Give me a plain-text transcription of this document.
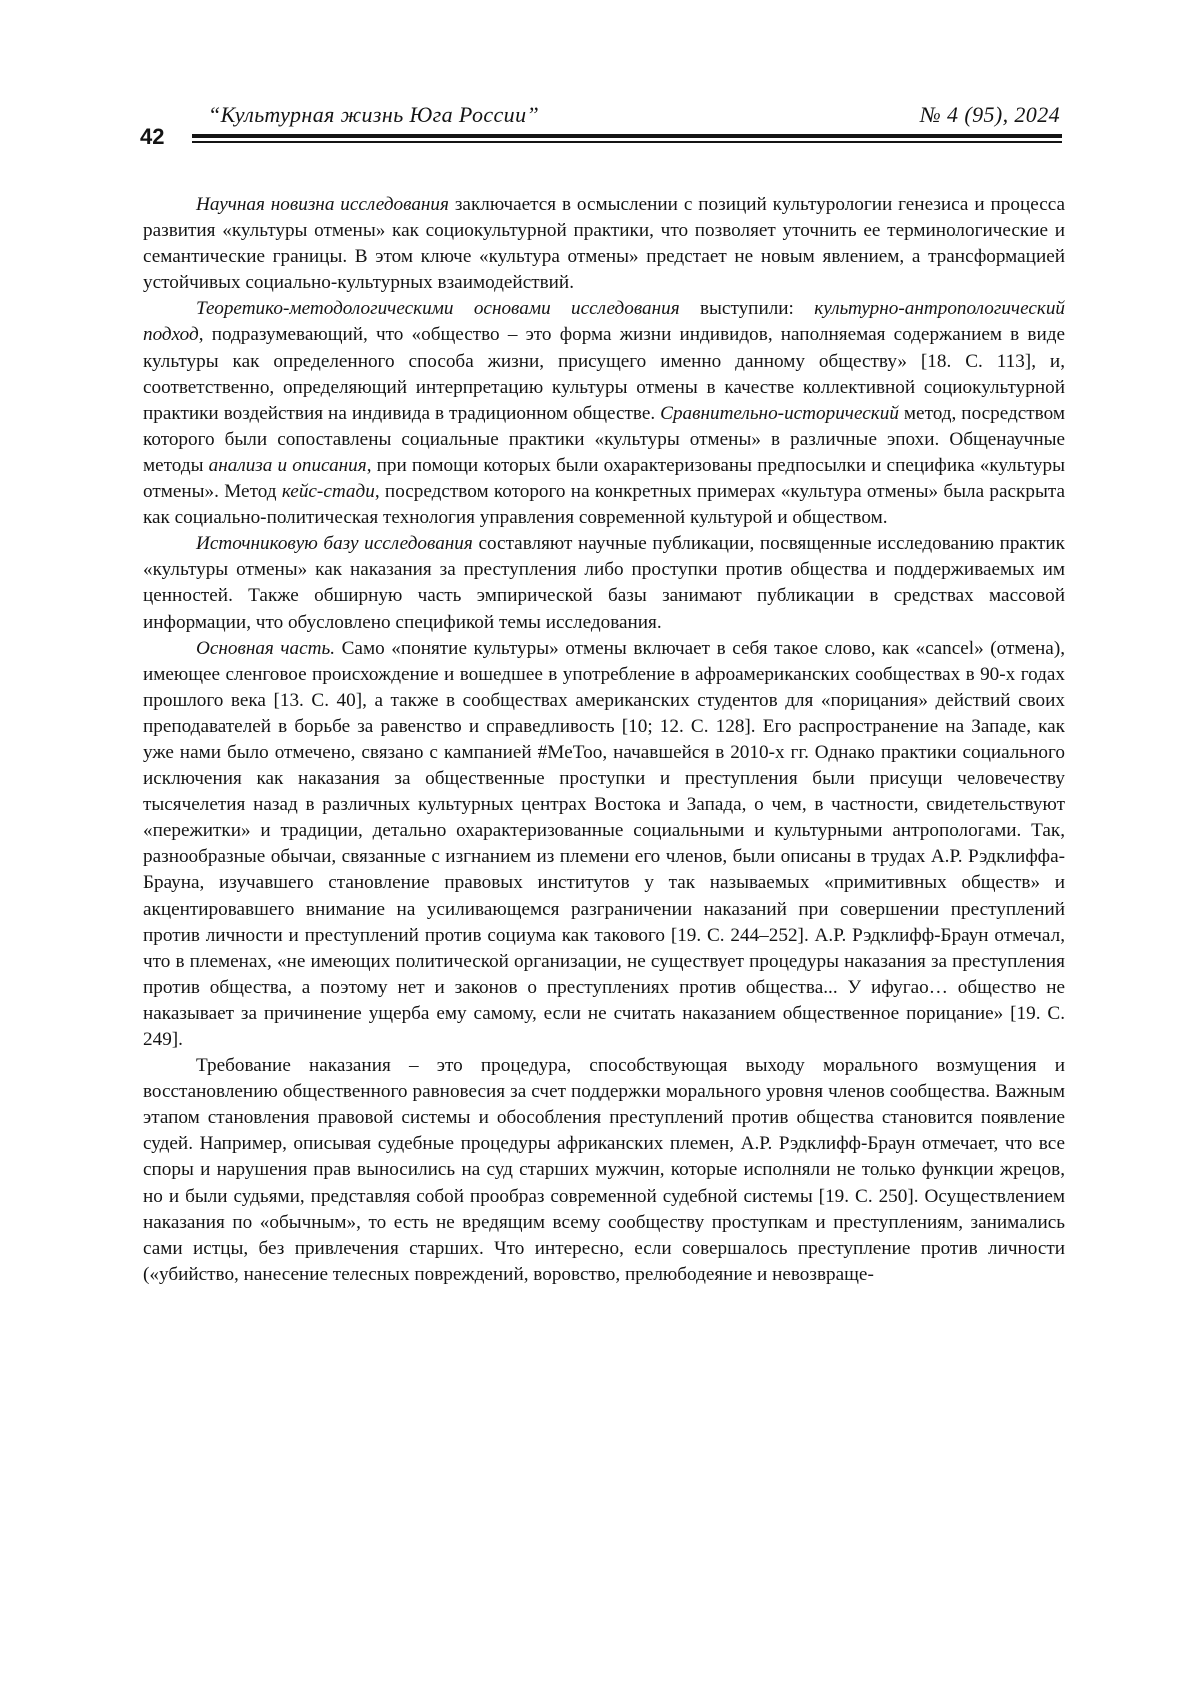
42
“Культурная жизнь Юга России”	№ 4 (95), 2024

Научная новизна исследования заключается в осмыслении с позиций культурологии генезиса и процесса развития «культуры отмены» как социокультурной практики, что позволяет уточнить ее терминологические и семантические границы. В этом ключе «культура отмены» предстает не новым явлением, а трансформацией устойчивых социально-культурных взаимодействий.

Теоретико-методологическими основами исследования выступили: культурно-антропологический подход, подразумевающий, что «общество – это форма жизни индивидов, наполняемая содержанием в виде культуры как определенного способа жизни, присущего именно данному обществу» [18. С. 113], и, соответственно, определяющий интерпретацию культуры отмены в качестве коллективной социокультурной практики воздействия на индивида в традиционном обществе. Сравнительно-исторический метод, посредством которого были сопоставлены социальные практики «культуры отмены» в различные эпохи. Общенаучные методы анализа и описания, при помощи которых были охарактеризованы предпосылки и специфика «культуры отмены». Метод кейс-стади, посредством которого на конкретных примерах «культура отмены» была раскрыта как социально-политическая технология управления современной культурой и обществом.

Источниковую базу исследования составляют научные публикации, посвященные исследованию практик «культуры отмены» как наказания за преступления либо проступки против общества и поддерживаемых им ценностей. Также обширную часть эмпирической базы занимают публикации в средствах массовой информации, что обусловлено спецификой темы исследования.

Основная часть. Само «понятие культуры» отмены включает в себя такое слово, как «cancel» (отмена), имеющее сленговое происхождение и вошедшее в употребление в афроамериканских сообществах в 90-х годах прошлого века [13. С. 40], а также в сообществах американских студентов для «порицания» действий своих преподавателей в борьбе за равенство и справедливость [10; 12. С. 128]. Его распространение на Западе, как уже нами было отмечено, связано с кампанией #MeToo, начавшейся в 2010-х гг. Однако практики социального исключения как наказания за общественные проступки и преступления были присущи человечеству тысячелетия назад в различных культурных центрах Востока и Запада, о чем, в частности, свидетельствуют «пережитки» и традиции, детально охарактеризованные социальными и культурными антропологами. Так, разнообразные обычаи, связанные с изгнанием из племени его членов, были описаны в трудах А.Р. Рэдклиффа-Брауна, изучавшего становление правовых институтов у так называемых «примитивных обществ» и акцентировавшего внимание на усиливающемся разграничении наказаний при совершении преступлений против личности и преступлений против социума как такового [19. С. 244–252]. А.Р. Рэдклифф-Браун отмечал, что в племенах, «не имеющих политической организации, не существует процедуры наказания за преступления против общества, а поэтому нет и законов о преступлениях против общества... У ифугао… общество не наказывает за причинение ущерба ему самому, если не считать наказанием общественное порицание» [19. С. 249].

Требование наказания – это процедура, способствующая выходу морального возмущения и восстановлению общественного равновесия за счет поддержки морального уровня членов сообщества. Важным этапом становления правовой системы и обособления преступлений против общества становится появление судей. Например, описывая судебные процедуры африканских племен, А.Р. Рэдклифф-Браун отмечает, что все споры и нарушения прав выносились на суд старших мужчин, которые исполняли не только функции жрецов, но и были судьями, представляя собой прообраз современной судебной системы [19. С. 250]. Осуществлением наказания по «обычным», то есть не вредящим всему сообществу проступкам и преступлениям, занимались сами истцы, без привлечения старших. Что интересно, если совершалось преступление против личности («убийство, нанесение телесных повреждений, воровство, прелюбодеяние и невозвраще-
